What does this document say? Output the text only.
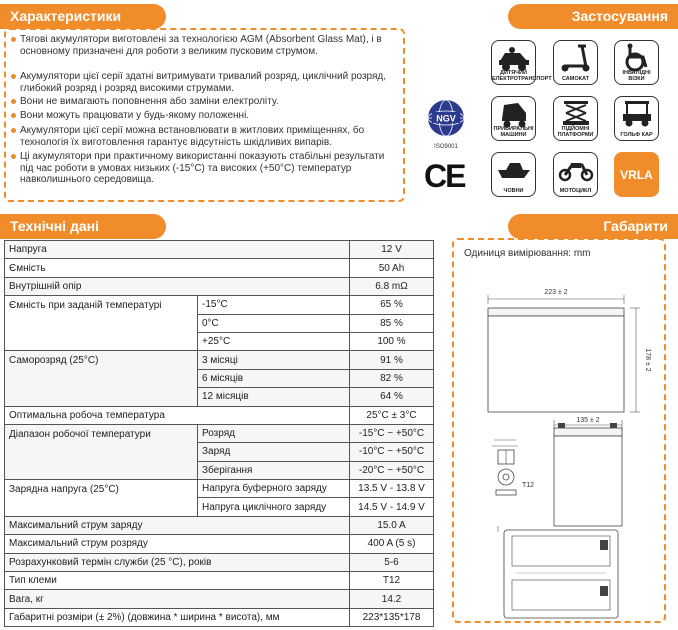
Характеристики
Тягові акумулятори виготовлені за технологією AGM (Absorbent Glass Mat), і в основному призначені для роботи з великим пусковим струмом.
Акумулятори цієї серії здатні витримувати тривалий розряд, циклічний розряд, глибокий розряд і розряд високими струмами.
Вони не вимагають поповнення або заміни електроліту.
Вони можуть працювати у будь-якому положенні.
Акумулятори цієї серії можна встановлювати в житлових приміщеннях, бо технологія їх виготовлення гарантує відсутність шкідливих випарів.
Ці акумулятори при практичному використанні показують стабільні результати під час роботи в умовах низьких (-15°C) та високих (+50°C) температур навколишнього середовища.
NGV
ISO9001
CE
Застосування
ДИТЯЧИЙ ЕЛЕКТРОТРАНСПОРТ	САМОКАТ
ІНВАЛІДНІ ВІЗКИ
ПРИБИРАЛЬНІ МАШИНИ
ПІДЙОМНІ ПЛАТФОРМИ	ГОЛЬФ КАР
ЧОВНИ	МОТОЦИКЛ
VRLA
Технічні дані
Напруга		12 V
Ємність		50 Ah
Внутрішній опір		6.8 mΩ
Ємність при заданій температурі	-15°C	65 %
	0°C	85 %
	+25°C	100 %
Саморозряд (25°C)	3 місяці	91 %
	6 місяців	82 %
	12 місяців	64 %
Оптимальна робоча температура		25°C ± 3°C
Діапазон робочої температури	Розряд	-15°C ~ +50°C
	Заряд	-10°C ~ +50°C
	Зберігання	-20°C ~ +50°C
Зарядна напруга (25°C)	Напруга буферного заряду	13.5 V - 13.8 V
	Напруга циклічного заряду	14.5 V - 14.9 V
Максимальний струм заряду		15.0 A
Максимальний струм розряду		400 A (5 s)
Розрахунковий термін служби (25 °C), років		5-6
Тип клеми		T12
Вага, кг		14.2
Габаритні розміри (± 2%) (довжина * ширина * висота), мм		223*135*178
Габарити
Одиниця вимірювання: mm
223 ± 2
178 ± 2
135 ± 2
T12
